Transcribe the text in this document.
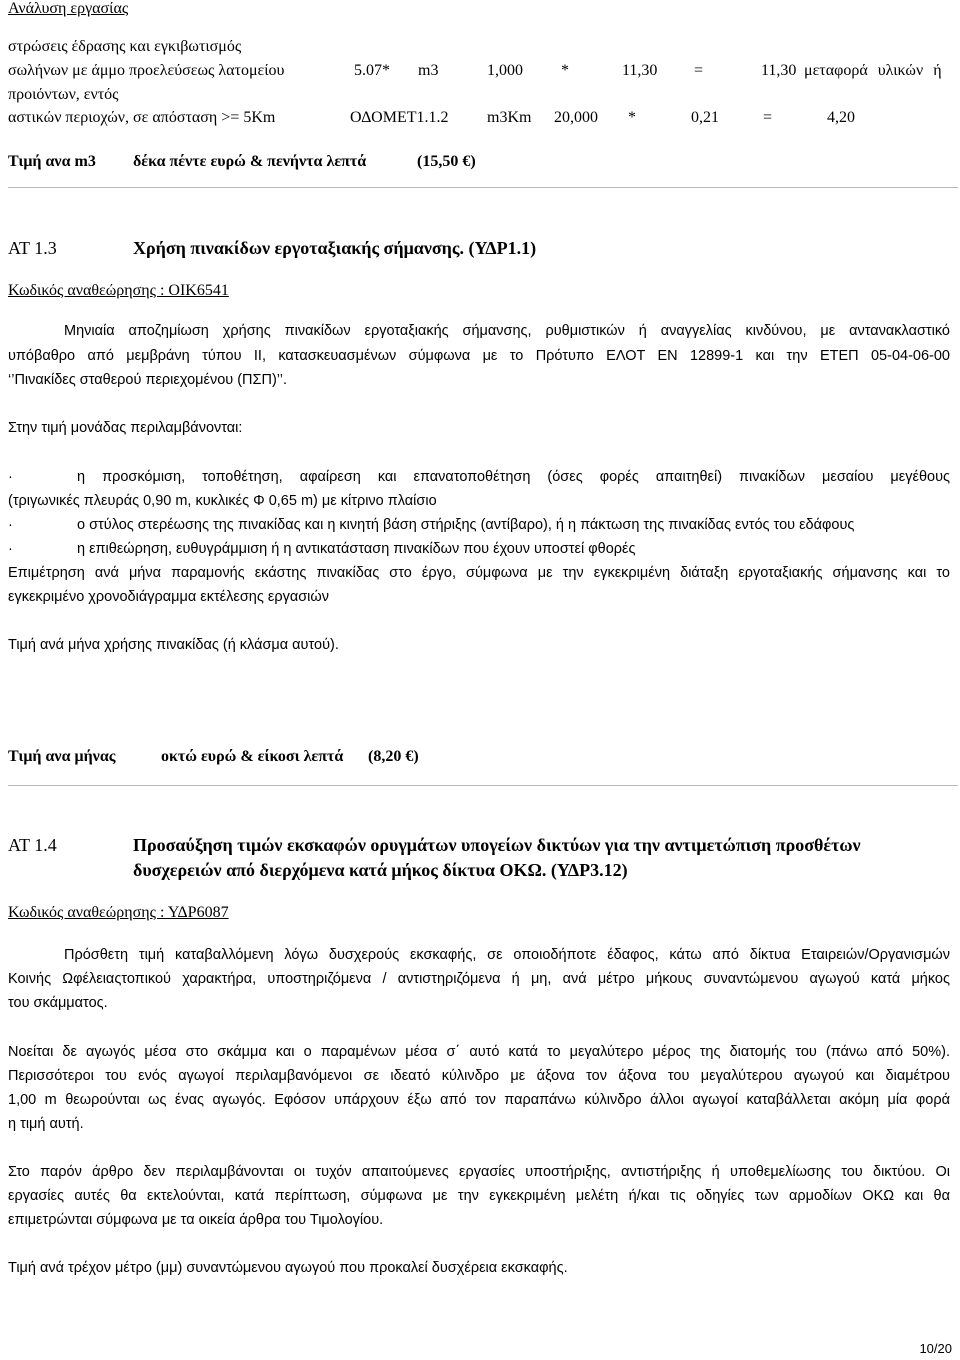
Ανάλυση εργασίας
στρώσεις έδρασης και εγκιβωτισμός
σωλήνων με άμμο προελεύσεως λατομείου	5.07* m3	1,000 *	11,30 =	11,30 μεταφορά υλικών ή
προιόντων, εντός
αστικών περιοχών, σε απόσταση >= 5Km	ΟΔΟΜΕΤ1.1.2 m3Km 20,000 *	0,21	=	4,20
Τιμή ανα m3 δέκα πέντε ευρώ & πενήντα λεπτά	(15,50 €)
ΑΤ 1.3	Χρήση πινακίδων εργοταξιακής σήμανσης. (ΥΔΡ1.1)
Κωδικός αναθεώρησης : ΟΙΚ6541
Μηνιαία αποζημίωση χρήσης πινακίδων εργοταξιακής σήμανσης, ρυθμιστικών ή αναγγελίας κινδύνου, με αντανακλαστικό
υπόβαθρο από μεμβράνη τύπου ΙΙ, κατασκευασμένων σύμφωνα με το Πρότυπο ΕΛΟΤ ΕΝ 12899-1 και την ΕΤΕΠ 05-04-06-00
‘’Πινακίδες σταθερού περιεχομένου (ΠΣΠ)’’.
Στην τιμή μονάδας περιλαμβάνονται:
·	η προσκόμιση, τοποθέτηση, αφαίρεση και επανατοποθέτηση (όσες φορές απαιτηθεί) πινακίδων μεσαίου μεγέθους
(τριγωνικές πλευράς 0,90 m, κυκλικές Φ 0,65 m) με κίτρινο πλαίσιο
·	ο στύλος στερέωσης της πινακίδας και η κινητή βάση στήριξης (αντίβαρο), ή η πάκτωση της πινακίδας εντός του εδάφους
·	η επιθεώρηση, ευθυγράμμιση ή η αντικατάσταση πινακίδων που έχουν υποστεί φθορές
Επιμέτρηση ανά μήνα παραμονής εκάστης πινακίδας στο έργο, σύμφωνα με την εγκεκριμένη διάταξη εργοταξιακής σήμανσης και το
εγκεκριμένο χρονοδιάγραμμα εκτέλεσης εργασιών
Τιμή ανά μήνα χρήσης πινακίδας (ή κλάσμα αυτού).
Τιμή ανα μήνας	οκτώ ευρώ & είκοσι λεπτά (8,20 €)
ΑΤ 1.4	Προσαύξηση τιμών εκσκαφών ορυγμάτων υπογείων δικτύων για την αντιμετώπιση προσθέτων
δυσχερειών από διερχόμενα κατά μήκος δίκτυα ΟΚΩ. (ΥΔΡ3.12)
Κωδικός αναθεώρησης : ΥΔΡ6087
Πρόσθετη τιμή καταβαλλόμενη λόγω δυσχερούς εκσκαφής, σε οποιοδήποτε έδαφος, κάτω από δίκτυα Εταιρειών/Οργανισμών
Κοινής Ωφέλειαςτοπικού χαρακτήρα, υποστηριζόμενα / αντιστηριζόμενα ή μη, ανά μέτρο μήκους συναντώμενου αγωγού κατά μήκος
του σκάμματος.
Νοείται δε αγωγός μέσα στο σκάμμα και ο παραμένων μέσα σ΄ αυτό κατά το μεγαλύτερο μέρος της διατομής του (πάνω από 50%).
Περισσότεροι του ενός αγωγοί περιλαμβανόμενοι σε ιδεατό κύλινδρο με άξονα τον άξονα του μεγαλύτερου αγωγού και διαμέτρου
1,00 m θεωρούνται ως ένας αγωγός. Εφόσον υπάρχουν έξω από τον παραπάνω κύλινδρο άλλοι αγωγοί καταβάλλεται ακόμη μία φορά
η τιμή αυτή.
Στο παρόν άρθρο δεν περιλαμβάνονται οι τυχόν απαιτούμενες εργασίες υποστήριξης, αντιστήριξης ή υποθεμελίωσης του δικτύου. Οι
εργασίες αυτές θα εκτελούνται, κατά περίπτωση, σύμφωνα με την εγκεκριμένη μελέτη ή/και τις οδηγίες των αρμοδίων ΟΚΩ και θα
επιμετρώνται σύμφωνα με τα οικεία άρθρα του Τιμολογίου.
Τιμή ανά τρέχον μέτρο (μμ) συναντώμενου αγωγού που προκαλεί δυσχέρεια εκσκαφής.
10/20
